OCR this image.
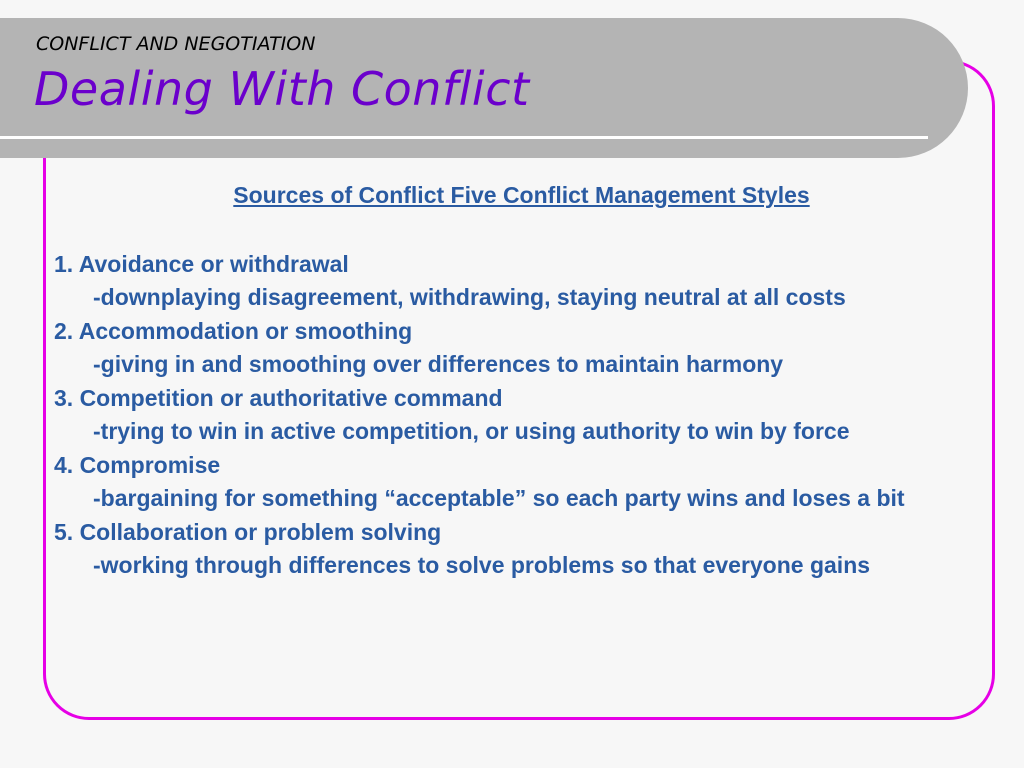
CONFLICT AND NEGOTIATION
Dealing With Conflict
Sources of Conflict Five Conflict Management Styles
1. Avoidance or withdrawal
-downplaying disagreement, withdrawing, staying neutral at all costs
2. Accommodation or smoothing
-giving in and smoothing over differences to maintain harmony
3. Competition or authoritative command
-trying to win in active competition, or using authority to win by force
4. Compromise
-bargaining for something “acceptable” so each party wins and loses a bit
5. Collaboration or problem solving
-working through differences to solve problems so that everyone gains
